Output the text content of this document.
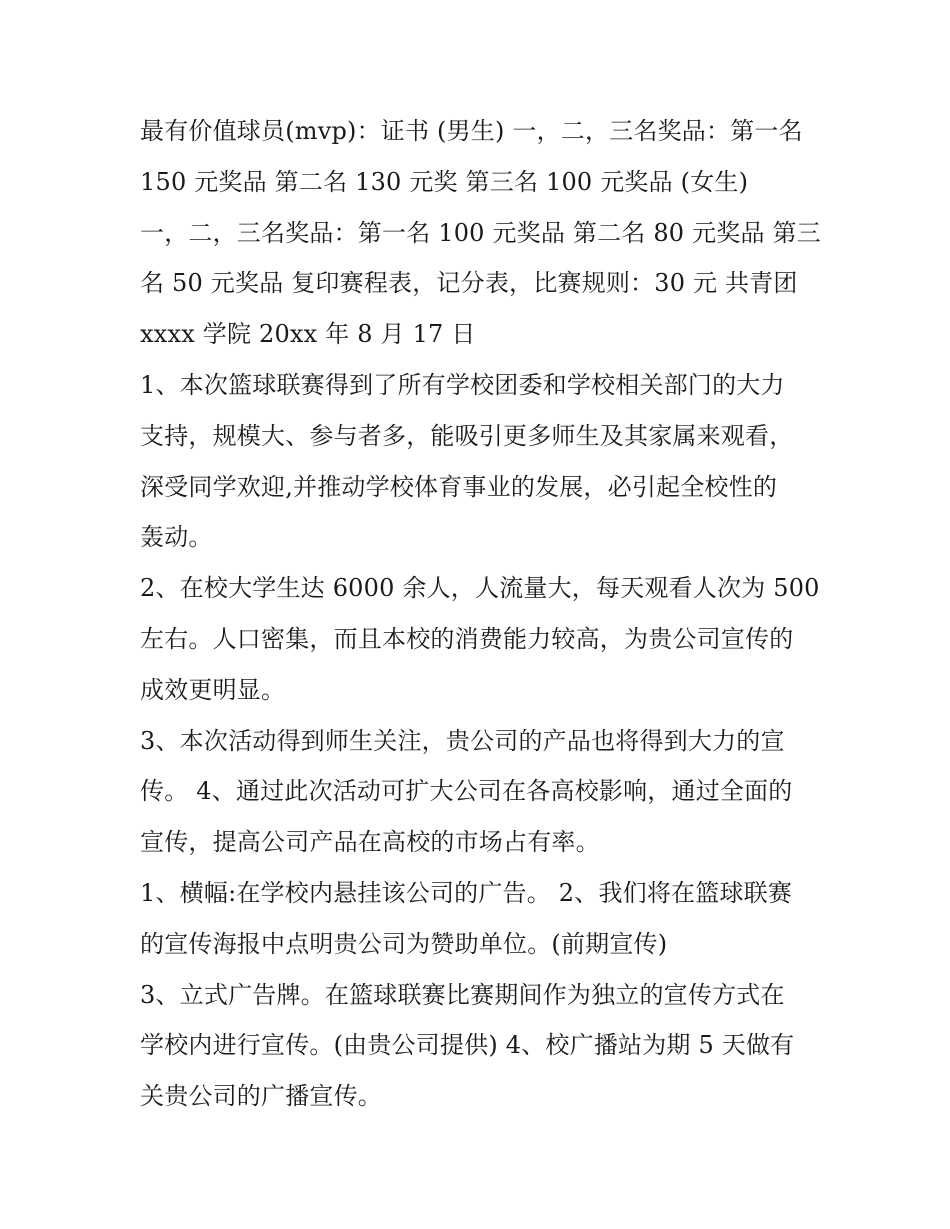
最有价值球员(mvp)：证书 (男生) 一，二，三名奖品：第一名
150 元奖品 第二名 130 元奖 第三名 100 元奖品 (女生)
一，二，三名奖品：第一名 100 元奖品 第二名 80 元奖品 第三
名 50 元奖品 复印赛程表，记分表，比赛规则：30 元 共青团
xxxx 学院 20xx 年 8 月 17 日
1、本次篮球联赛得到了所有学校团委和学校相关部门的大力
支持，规模大、参与者多，能吸引更多师生及其家属来观看，
深受同学欢迎,并推动学校体育事业的发展，必引起全校性的
轰动。
2、在校大学生达 6000 余人，人流量大，每天观看人次为 500
左右。人口密集，而且本校的消费能力较高，为贵公司宣传的
成效更明显。
3、本次活动得到师生关注，贵公司的产品也将得到大力的宣
传。 4、通过此次活动可扩大公司在各高校影响，通过全面的
宣传，提高公司产品在高校的市场占有率。
1、横幅:在学校内悬挂该公司的广告。 2、我们将在篮球联赛
的宣传海报中点明贵公司为赞助单位。(前期宣传)
3、立式广告牌。在篮球联赛比赛期间作为独立的宣传方式在
学校内进行宣传。(由贵公司提供) 4、校广播站为期 5 天做有
关贵公司的广播宣传。
